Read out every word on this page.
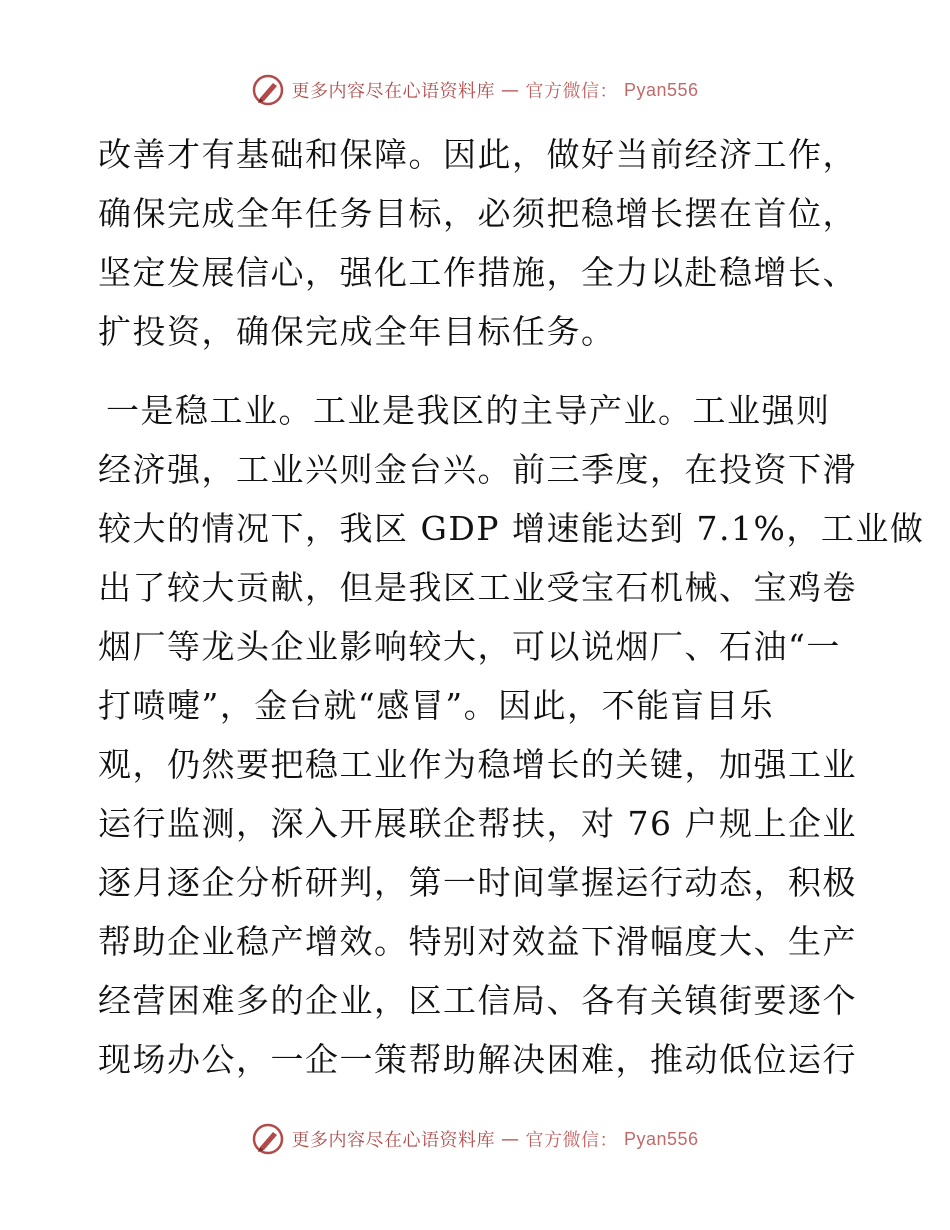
更多内容尽在心语资料库 — 官方微信： Pyan556
改善才有基础和保障。因此，做好当前经济工作，
确保完成全年任务目标，必须把稳增长摆在首位，
坚定发展信心，强化工作措施，全力以赴稳增长、
扩投资，确保完成全年目标任务。
一是稳工业。工业是我区的主导产业。工业强则
经济强，工业兴则金台兴。前三季度，在投资下滑
较大的情况下，我区 GDP 增速能达到 7.1%，工业做
出了较大贡献，但是我区工业受宝石机械、宝鸡卷
烟厂等龙头企业影响较大，可以说烟厂、石油“一
打喷嚏”，金台就“感冒”。因此，不能盲目乐
观，仍然要把稳工业作为稳增长的关键，加强工业
运行监测，深入开展联企帮扶，对 76 户规上企业
逐月逐企分析研判，第一时间掌握运行动态，积极
帮助企业稳产增效。特别对效益下滑幅度大、生产
经营困难多的企业，区工信局、各有关镇街要逐个
现场办公，一企一策帮助解决困难，推动低位运行
更多内容尽在心语资料库 — 官方微信： Pyan556
